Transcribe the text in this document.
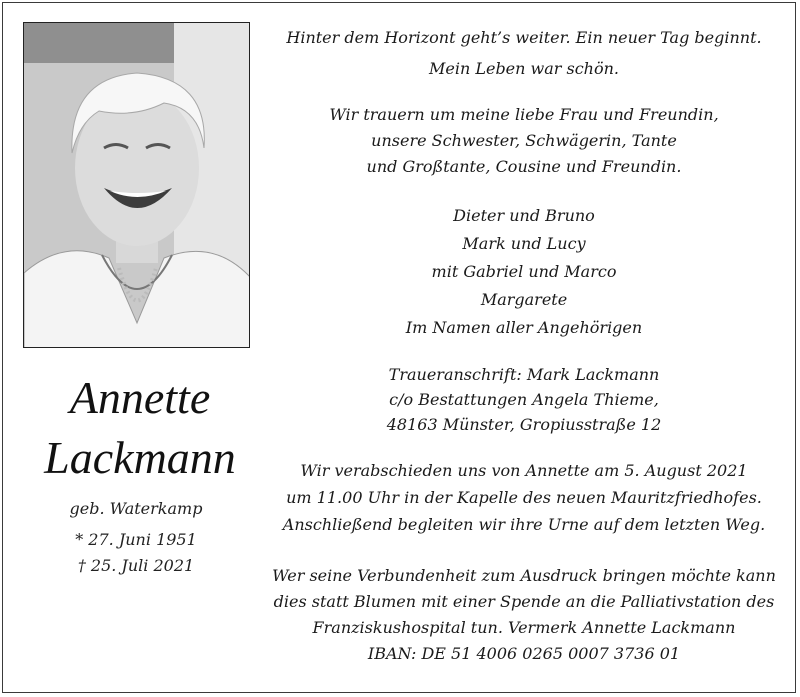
Annette
Lackmann
geb. Waterkamp
* 27. Juni 1951
† 25. Juli 2021
Hinter dem Horizont geht’s weiter. Ein neuer Tag beginnt.
Mein Leben war schön.
Wir trauern um meine liebe Frau und Freundin,
unsere Schwester, Schwägerin, Tante
und Großtante, Cousine und Freundin.
Dieter und Bruno
Mark und Lucy
mit Gabriel und Marco
Margarete
Im Namen aller Angehörigen
Traueranschrift: Mark Lackmann
c/o Bestattungen Angela Thieme,
48163 Münster, Gropiusstraße 12
Wir verabschieden uns von Annette am 5. August 2021
um 11.00 Uhr in der Kapelle des neuen Mauritzfriedhofes.
Anschließend begleiten wir ihre Urne auf dem letzten Weg.
Wer seine Verbundenheit zum Ausdruck bringen möchte kann
dies statt Blumen mit einer Spende an die Palliativstation des
Franziskushospital tun. Vermerk Annette Lackmann
IBAN: DE 51 4006 0265 0007 3736 01
